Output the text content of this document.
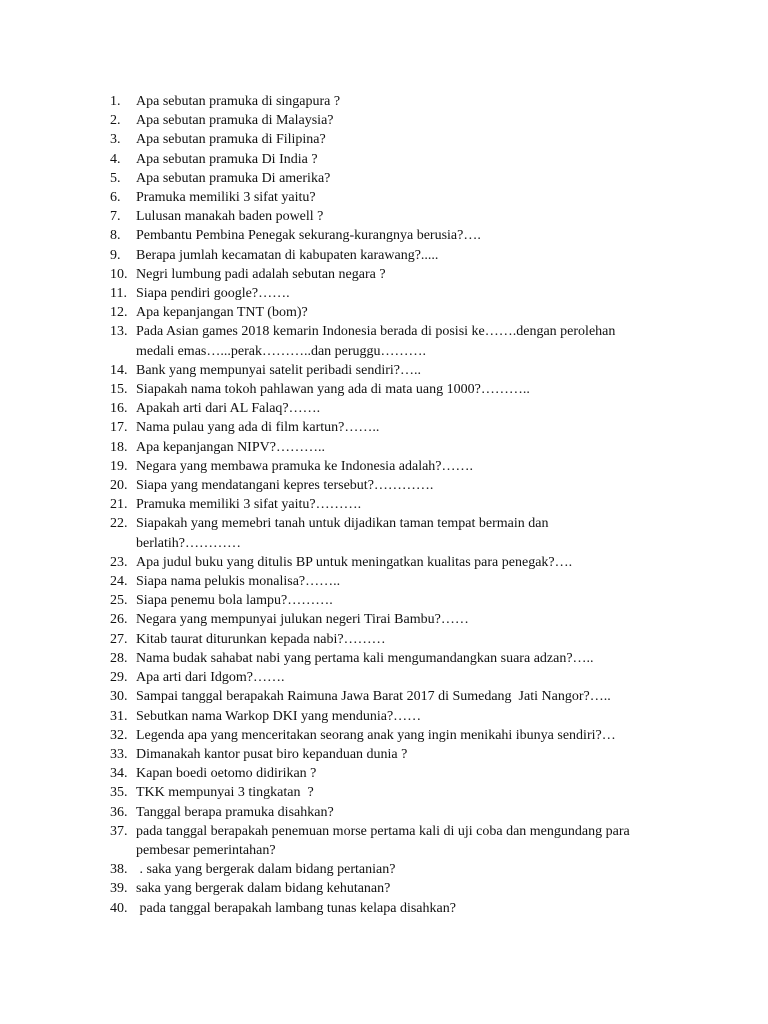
1.	Apa sebutan pramuka di singapura ?
2.	Apa sebutan pramuka di Malaysia?
3.	Apa sebutan pramuka di Filipina?
4.	Apa sebutan pramuka Di India ?
5.	Apa sebutan pramuka Di amerika?
6.	Pramuka memiliki 3 sifat yaitu?
7.	Lulusan manakah baden powell ?
8.	Pembantu Pembina Penegak sekurang-kurangnya berusia?….
9.	Berapa jumlah kecamatan di kabupaten karawang?.....
10. Negri lumbung padi adalah sebutan negara ?
11. Siapa pendiri google?…….
12. Apa kepanjangan TNT (bom)?
13. Pada Asian games 2018 kemarin Indonesia berada di posisi ke…….dengan perolehan
medali emas…...perak………..dan peruggu……….
14. Bank yang mempunyai satelit peribadi sendiri?…..
15. Siapakah nama tokoh pahlawan yang ada di mata uang 1000?………..
16. Apakah arti dari AL Falaq?…….
17. Nama pulau yang ada di film kartun?……..
18. Apa kepanjangan NIPV?………..
19. Negara yang membawa pramuka ke Indonesia adalah?…….
20. Siapa yang mendatangani kepres tersebut?………….
21. Pramuka memiliki 3 sifat yaitu?……….
22. Siapakah yang memebri tanah untuk dijadikan taman tempat bermain dan
berlatih?…………
23. Apa judul buku yang ditulis BP untuk meningatkan kualitas para penegak?….
24. Siapa nama pelukis monalisa?……..
25. Siapa penemu bola lampu?……….
26. Negara yang mempunyai julukan negeri Tirai Bambu?……
27. Kitab taurat diturunkan kepada nabi?………
28. Nama budak sahabat nabi yang pertama kali mengumandangkan suara adzan?…..
29. Apa arti dari Idgom?…….
30. Sampai tanggal berapakah Raimuna Jawa Barat 2017 di Sumedang  Jati Nangor?…..
31. Sebutkan nama Warkop DKI yang mendunia?……
32. Legenda apa yang menceritakan seorang anak yang ingin menikahi ibunya sendiri?…
33. Dimanakah kantor pusat biro kepanduan dunia ?
34. Kapan boedi oetomo didirikan ?
35. TKK mempunyai 3 tingkatan  ?
36. Tanggal berapa pramuka disahkan?
37. pada tanggal berapakah penemuan morse pertama kali di uji coba dan mengundang para
pembesar pemerintahan?
38. . saka yang bergerak dalam bidang pertanian?
39. saka yang bergerak dalam bidang kehutanan?
40. pada tanggal berapakah lambang tunas kelapa disahkan?
